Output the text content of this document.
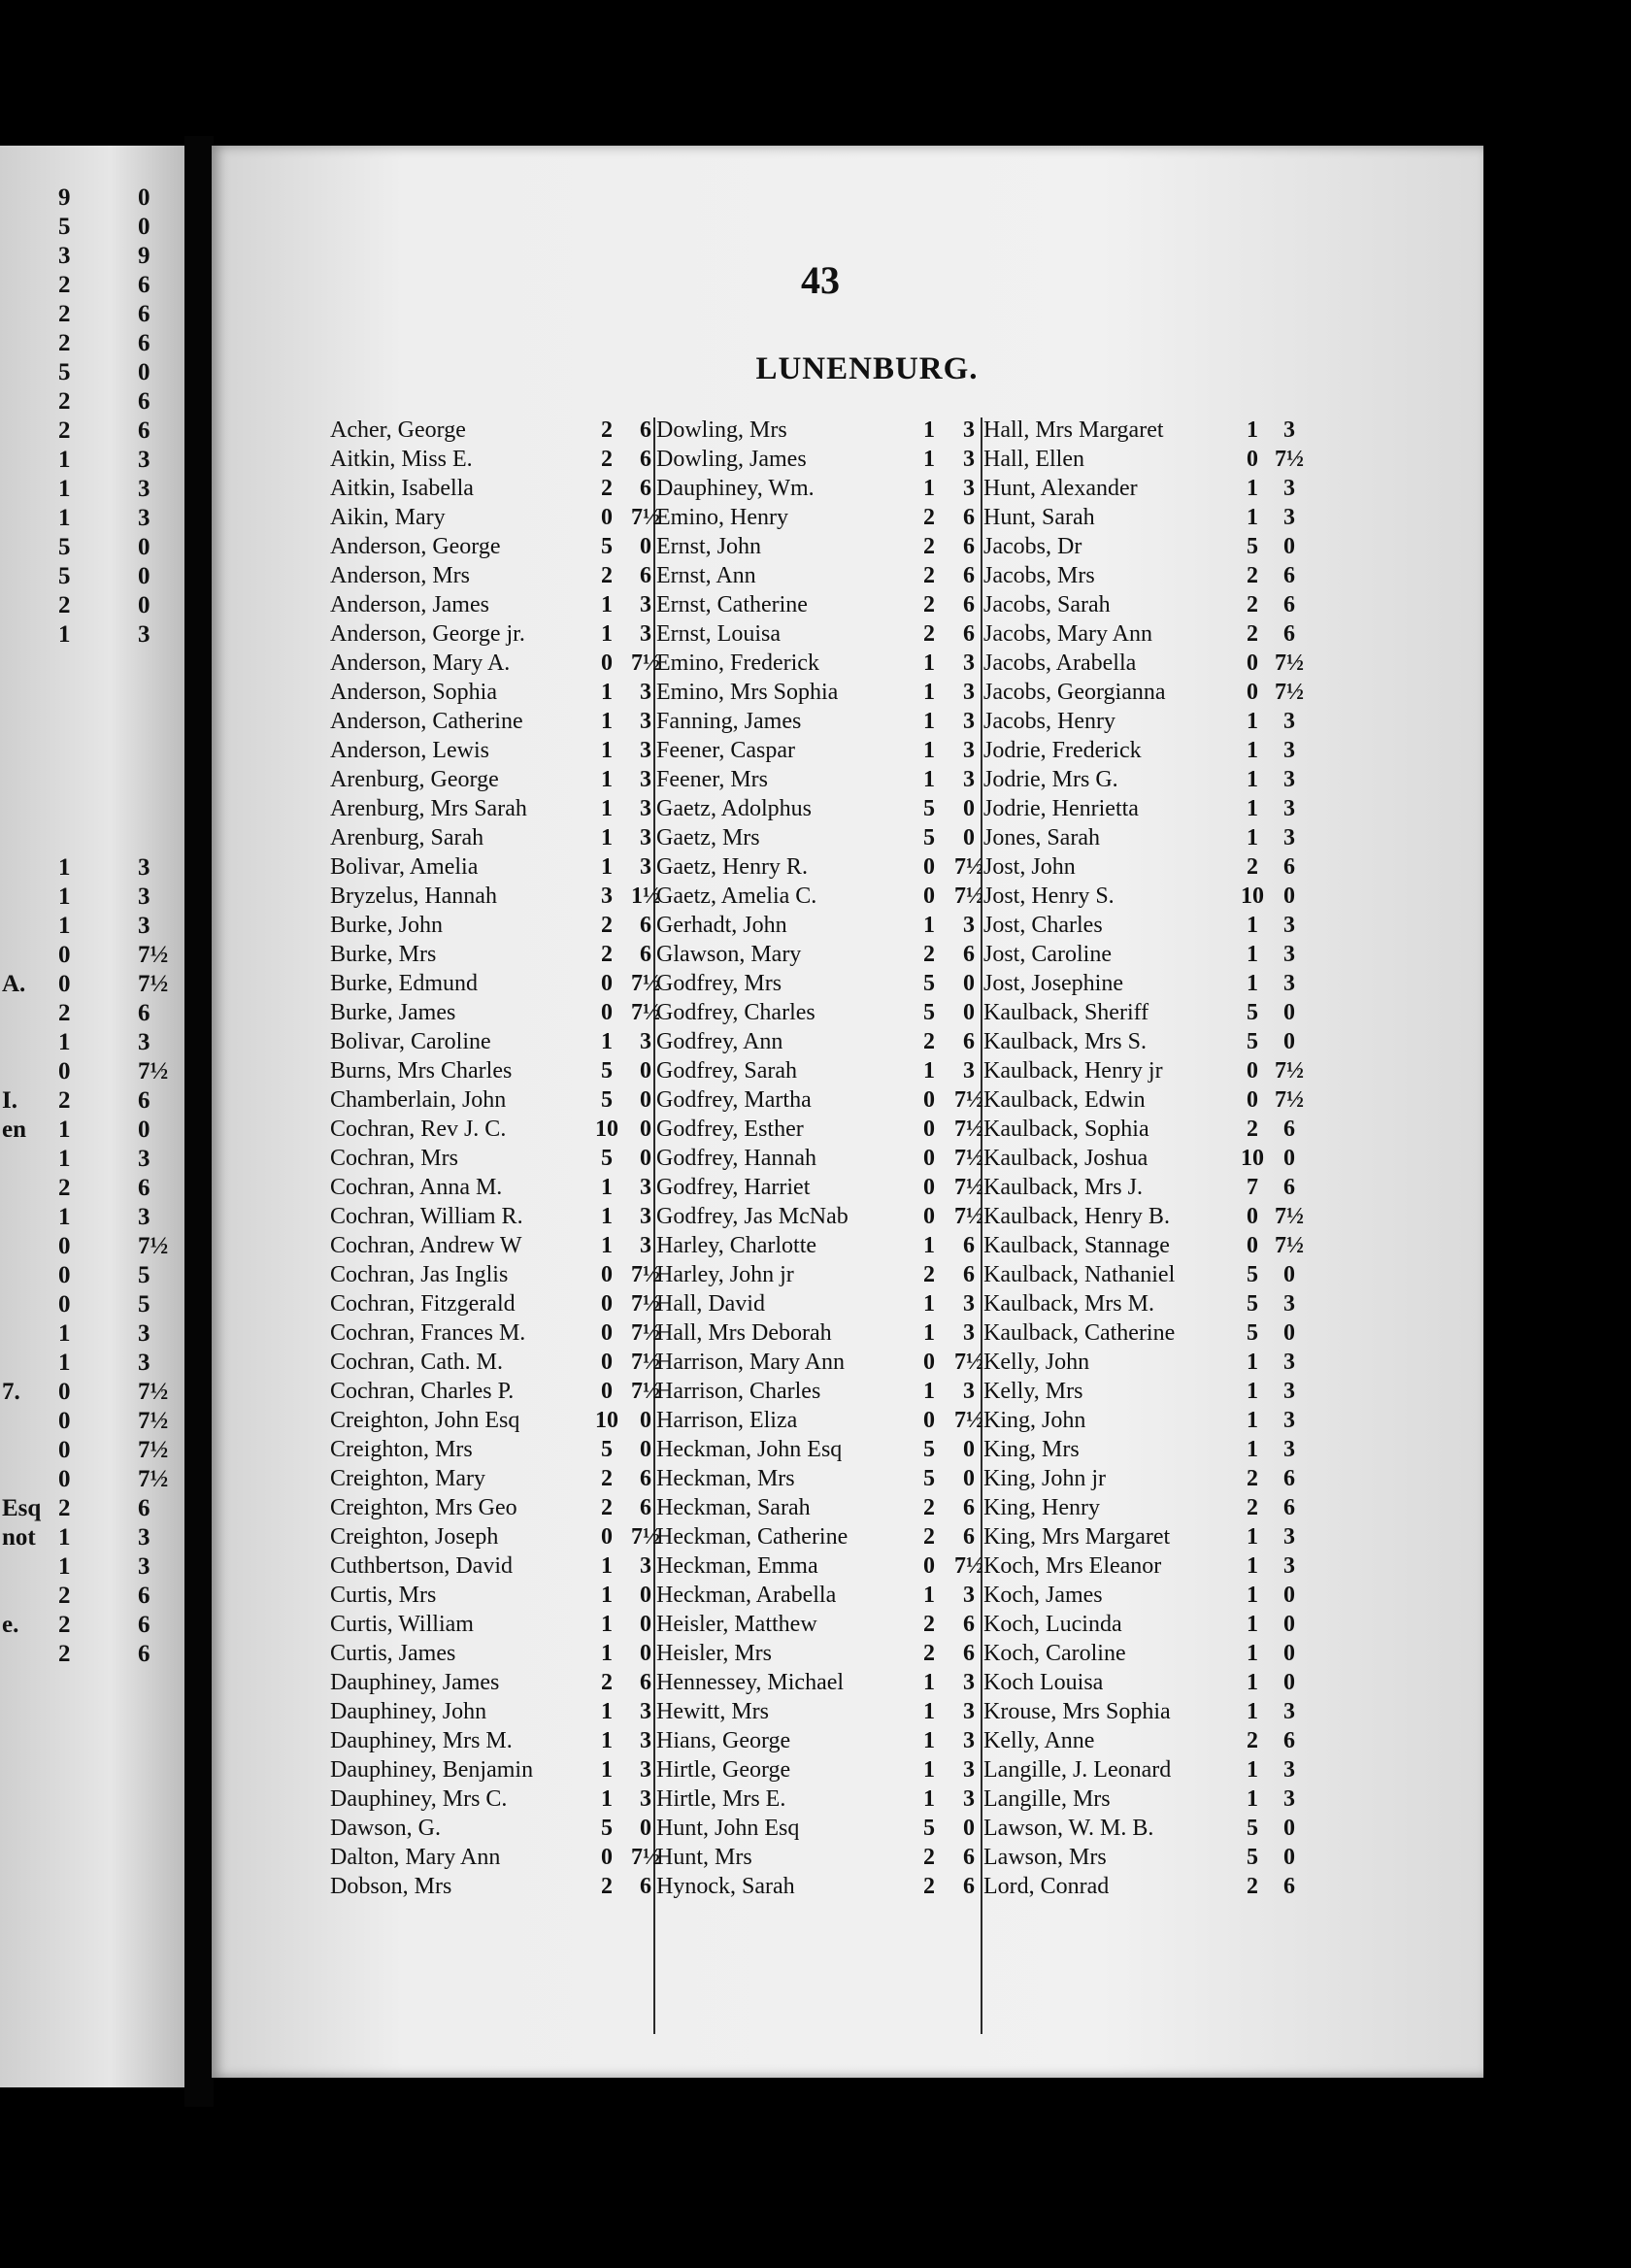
9	0
5	0
3	9
2	6
2	6
2	6
5	0
2	6
2	6
1	3
1	3
1	3
5	0
5	0
2	0
1	3
1	3
1	3
1	3
0	7½
A. 0	7½
2	6
1	3
0	7½
I. 2	6
en 1	0
1	3
2	6
1	3
0	7½
0	5
0	5
1	3
1	3
7. 0	7½
0	7½
0	7½
0	7½
Esq 2	6
not 1	3
1	3
2	6
e. 2	6
2	6
43
LUNENBURG.
Acher, George	2	6
Aitkin, Miss E.	2	6
Aitkin, Isabella	2	6
Aikin, Mary	0 7½
Anderson, George	5	0
Anderson, Mrs	2	6
Anderson, James	1	3
Anderson, George jr.	1	3
Anderson, Mary A.	0 7½
Anderson, Sophia	1	3
Anderson, Catherine	1	3
Anderson, Lewis	1	3
Arenburg, George	1	3
Arenburg, Mrs Sarah	1	3
Arenburg, Sarah	1	3
Bolivar, Amelia	1	3
Bryzelus, Hannah	3 1½
Burke, John	2	6
Burke, Mrs	2	6
Burke, Edmund	0 7½
Burke, James	0 7½
Bolivar, Caroline	1	3
Burns, Mrs Charles	5	0
Chamberlain, John	5	0
Cochran, Rev J. C.	10 0
Cochran, Mrs	5	0
Cochran, Anna M.	1	3
Cochran, William R.	1	3
Cochran, Andrew W	1	3
Cochran, Jas Inglis	0 7½
Cochran, Fitzgerald	0 7½
Cochran, Frances M.	0 7½
Cochran, Cath. M.	0 7½
Cochran, Charles P.	0 7½
Creighton, John Esq	10 0
Creighton, Mrs	5	0
Creighton, Mary	2	6
Creighton, Mrs Geo	2	6
Creighton, Joseph	0 7½
Cuthbertson, David	1	3
Curtis, Mrs	1	0
Curtis, William	1	0
Curtis, James	1	0
Dauphiney, James	2	6
Dauphiney, John	1	3
Dauphiney, Mrs M.	1	3
Dauphiney, Benjamin	1	3
Dauphiney, Mrs C.	1	3
Dawson, G.	5	0
Dalton, Mary Ann	0 7½
Dobson, Mrs	2	6
Dowling, Mrs	1	3
Dowling, James	1	3
Dauphiney, Wm.	1	3
Emino, Henry	2	6
Ernst, John	2	6
Ernst, Ann	2	6
Ernst, Catherine	2	6
Ernst, Louisa	2	6
Emino, Frederick	1	3
Emino, Mrs Sophia	1	3
Fanning, James	1	3
Feener, Caspar	1	3
Feener, Mrs	1	3
Gaetz, Adolphus	5	0
Gaetz, Mrs	5	0
Gaetz, Henry R.	0 7½
Gaetz, Amelia C.	0 7½
Gerhadt, John	1	3
Glawson, Mary	2	6
Godfrey, Mrs	5	0
Godfrey, Charles	5	0
Godfrey, Ann	2	6
Godfrey, Sarah	1	3
Godfrey, Martha	0 7½
Godfrey, Esther	0 7½
Godfrey, Hannah	0 7½
Godfrey, Harriet	0 7½
Godfrey, Jas McNab	0 7½
Harley, Charlotte	1	6
Harley, John jr	2	6
Hall, David	1	3
Hall, Mrs Deborah	1	3
Harrison, Mary Ann	0 7½
Harrison, Charles	1	3
Harrison, Eliza	0 7½
Heckman, John Esq	5	0
Heckman, Mrs	5	0
Heckman, Sarah	2	6
Heckman, Catherine	2	6
Heckman, Emma	0 7½
Heckman, Arabella	1	3
Heisler, Matthew	2	6
Heisler, Mrs	2	6
Hennessey, Michael	1	3
Hewitt, Mrs	1	3
Hians, George	1	3
Hirtle, George	1	3
Hirtle, Mrs E.	1	3
Hunt, John Esq	5	0
Hunt, Mrs	2	6
Hynock, Sarah	2	6
Hall, Mrs Margaret	1	3
Hall, Ellen	0 7½
Hunt, Alexander	1	3
Hunt, Sarah	1	3
Jacobs, Dr	5	0
Jacobs, Mrs	2	6
Jacobs, Sarah	2	6
Jacobs, Mary Ann	2	6
Jacobs, Arabella	0 7½
Jacobs, Georgianna	0 7½
Jacobs, Henry	1	3
Jodrie, Frederick	1	3
Jodrie, Mrs G.	1	3
Jodrie, Henrietta	1	3
Jones, Sarah	1	3
Jost, John	2	6
Jost, Henry S.	10 0
Jost, Charles	1	3
Jost, Caroline	1	3
Jost, Josephine	1	3
Kaulback, Sheriff	5	0
Kaulback, Mrs S.	5	0
Kaulback, Henry jr	0 7½
Kaulback, Edwin	0 7½
Kaulback, Sophia	2	6
Kaulback, Joshua	10 0
Kaulback, Mrs J.	7	6
Kaulback, Henry B.	0 7½
Kaulback, Stannage	0 7½
Kaulback, Nathaniel	5	0
Kaulback, Mrs M.	5	3
Kaulback, Catherine	5	0
Kelly, John	1	3
Kelly, Mrs	1	3
King, John	1	3
King, Mrs	1	3
King, John jr	2	6
King, Henry	2	6
King, Mrs Margaret	1	3
Koch, Mrs Eleanor	1	3
Koch, James	1	0
Koch, Lucinda	1	0
Koch, Caroline	1	0
Koch Louisa	1	0
Krouse, Mrs Sophia	1	3
Kelly, Anne	2	6
Langille, J. Leonard	1	3
Langille, Mrs	1	3
Lawson, W. M. B.	5	0
Lawson, Mrs	5	0
Lord, Conrad	2	6
